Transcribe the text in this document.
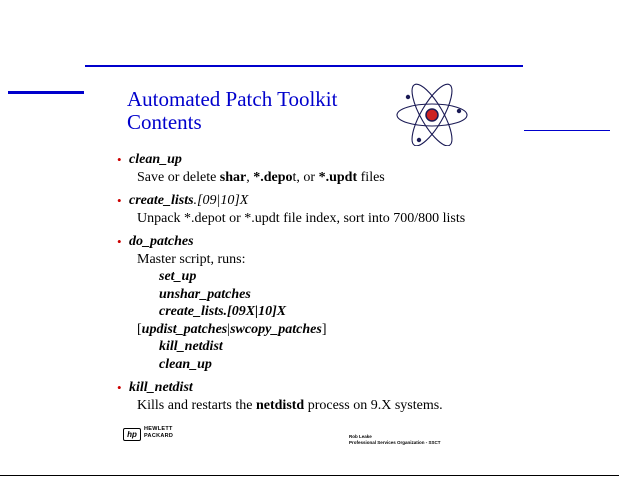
Automated Patch Toolkit
Contents
• clean_up
Save or delete shar, *.depot, or *.updt files
• create_lists.[09|10]X
Unpack *.depot or *.updt file index, sort into 700/800 lists
• do_patches
Master script, runs:
set_up
unshar_patches
create_lists.[09X|10]X
[updist_patches|swcopy_patches]
kill_netdist
clean_up
• kill_netdist
Kills and restarts the netdistd process on 9.X systems.
hp
HEWLETT
PACKARD	Rob Leake
Professional Services Organization - SSCT
